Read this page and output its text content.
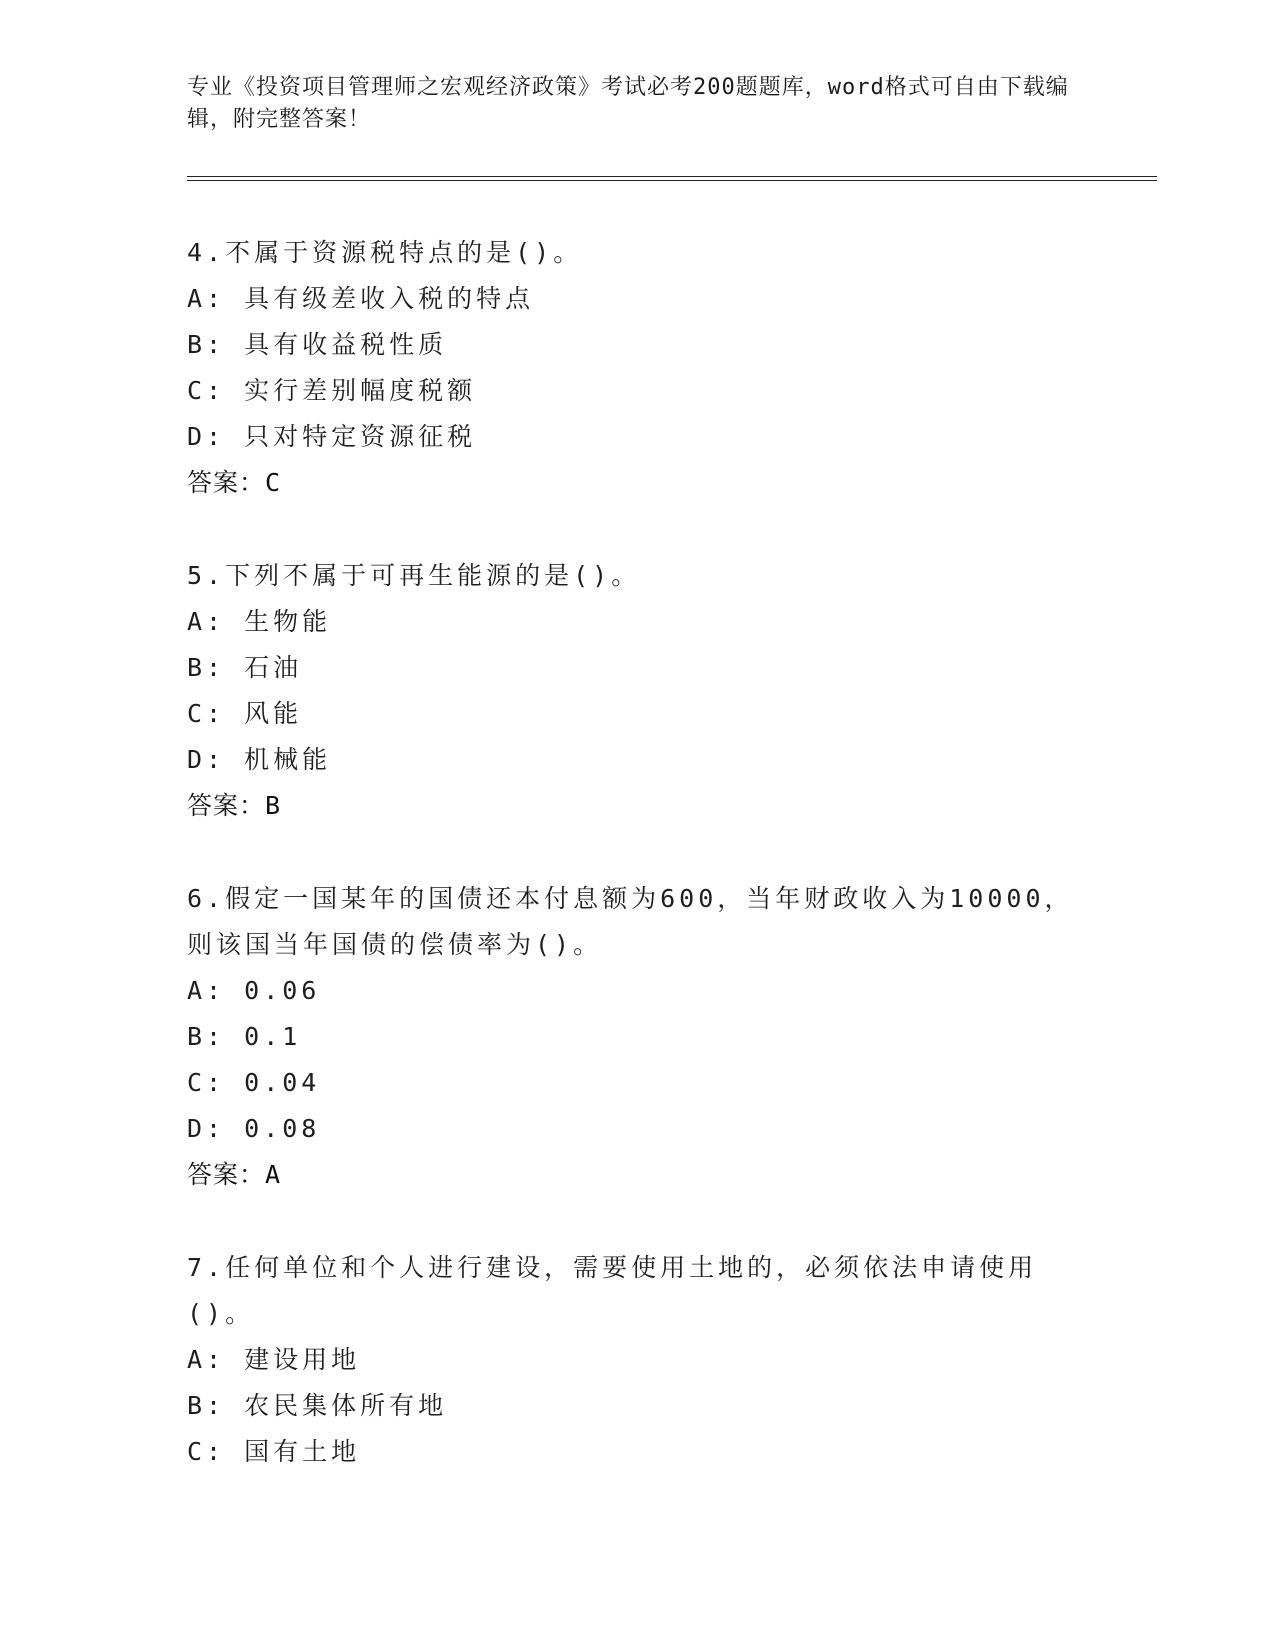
专业《投资项目管理师之宏观经济政策》考试必考200题题库，word格式可自由下载编辑，附完整答案！
4.不属于资源税特点的是()。
A: 具有级差收入税的特点
B: 具有收益税性质
C: 实行差别幅度税额
D: 只对特定资源征税
答案：C
5.下列不属于可再生能源的是()。
A: 生物能
B: 石油
C: 风能
D: 机械能
答案：B
6.假定一国某年的国债还本付息额为600，当年财政收入为10000，则该国当年国债的偿债率为()。
A: 0.06
B: 0.1
C: 0.04
D: 0.08
答案：A
7.任何单位和个人进行建设，需要使用土地的，必须依法申请使用()。
A: 建设用地
B: 农民集体所有地
C: 国有土地
